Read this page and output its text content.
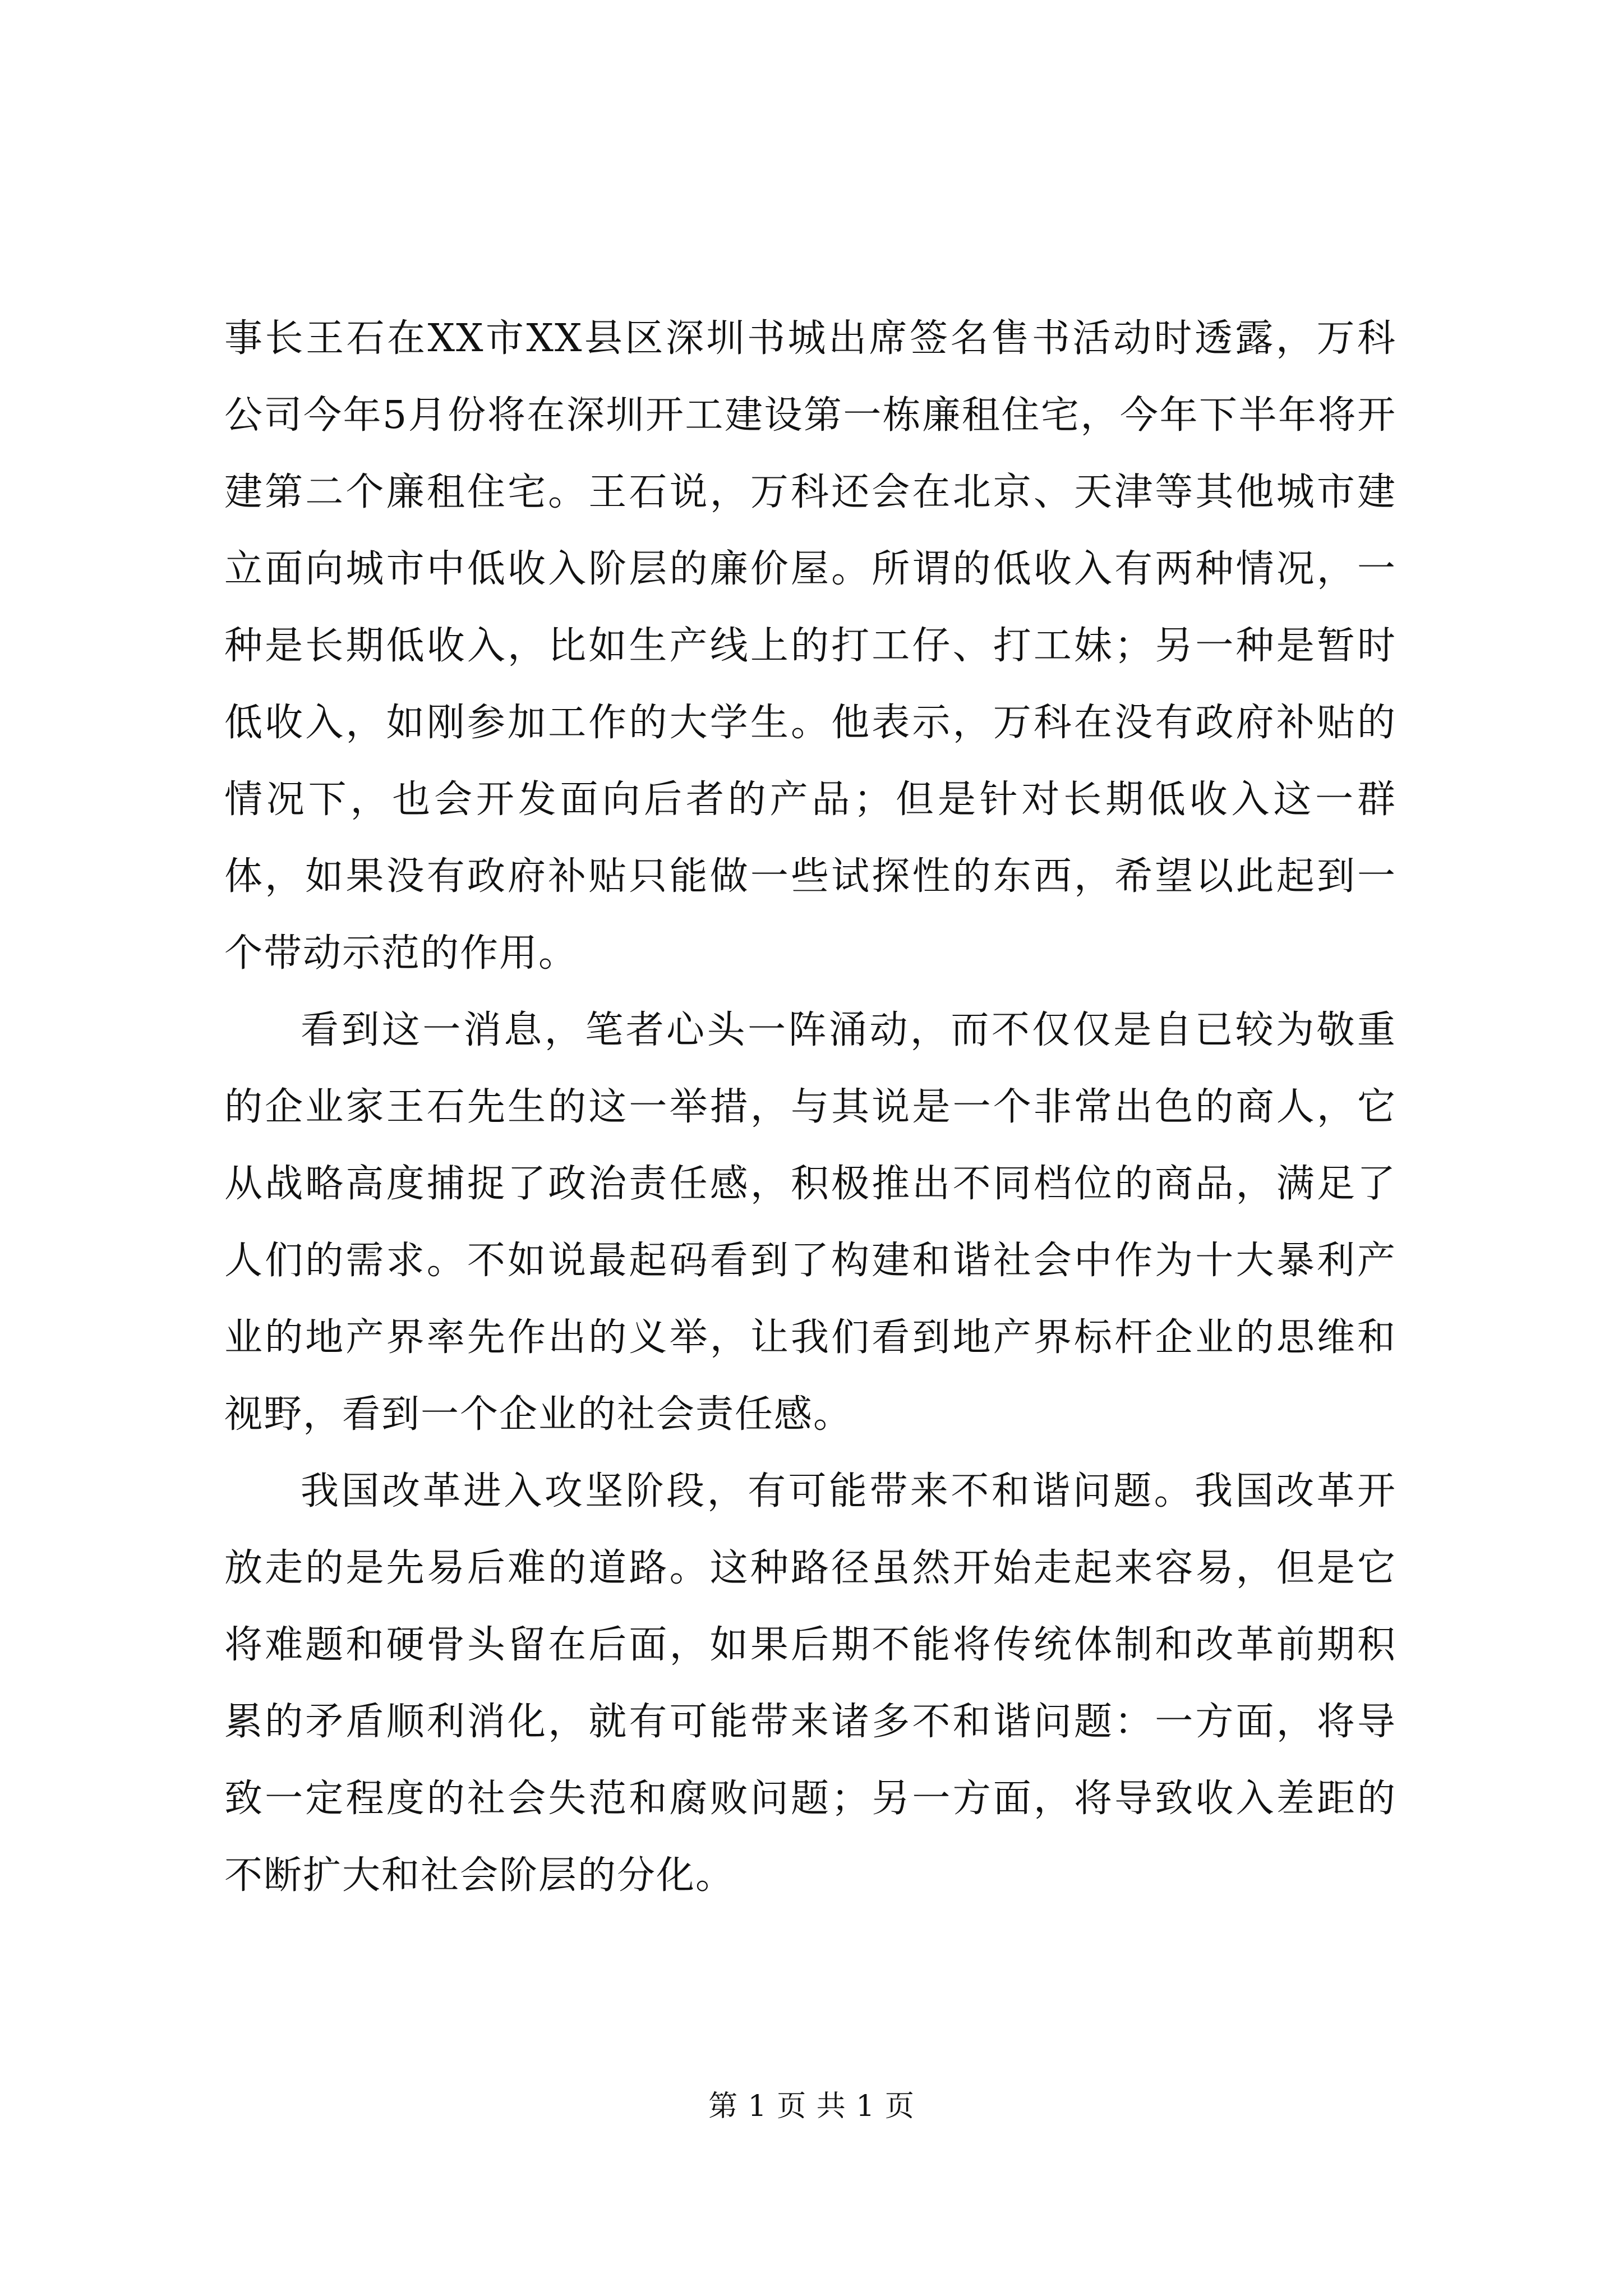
事长王石在XX市XX县区深圳书城出席签名售书活动时透露，万科公司今年5月份将在深圳开工建设第一栋廉租住宅，今年下半年将开建第二个廉租住宅。王石说，万科还会在北京、天津等其他城市建立面向城市中低收入阶层的廉价屋。所谓的低收入有两种情况，一种是长期低收入，比如生产线上的打工仔、打工妹；另一种是暂时低收入，如刚参加工作的大学生。他表示，万科在没有政府补贴的情况下，也会开发面向后者的产品；但是针对长期低收入这一群体，如果没有政府补贴只能做一些试探性的东西，希望以此起到一个带动示范的作用。

看到这一消息，笔者心头一阵涌动，而不仅仅是自已较为敬重的企业家王石先生的这一举措，与其说是一个非常出色的商人，它从战略高度捕捉了政治责任感，积极推出不同档位的商品，满足了人们的需求。不如说最起码看到了构建和谐社会中作为十大暴利产业的地产界率先作出的义举，让我们看到地产界标杆企业的思维和视野，看到一个企业的社会责任感。

我国改革进入攻坚阶段，有可能带来不和谐问题。我国改革开放走的是先易后难的道路。这种路径虽然开始走起来容易，但是它将难题和硬骨头留在后面，如果后期不能将传统体制和改革前期积累的矛盾顺利消化，就有可能带来诸多不和谐问题：一方面，将导致一定程度的社会失范和腐败问题；另一方面，将导致收入差距的不断扩大和社会阶层的分化。

第 1 页 共 1 页
